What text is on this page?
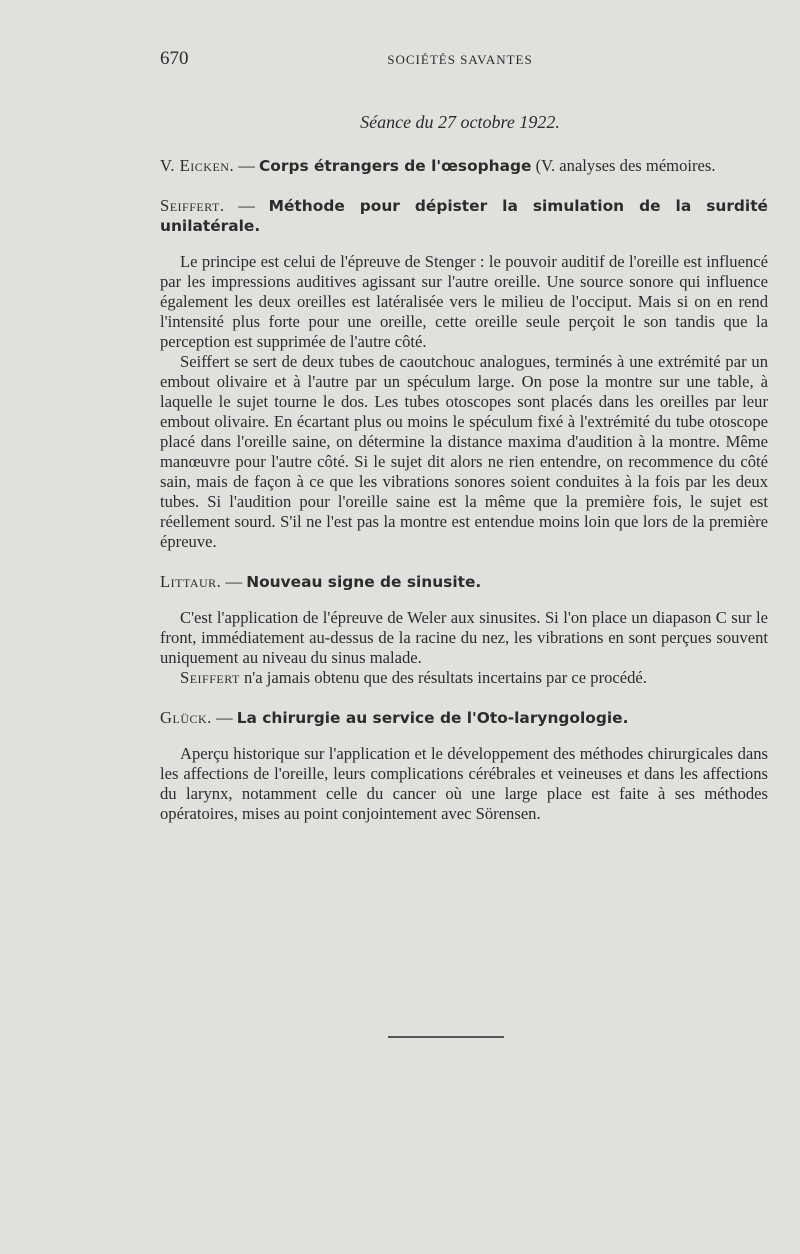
670	SOCIÉTÉS SAVANTES
Séance du 27 octobre 1922.
V. Eicken. — Corps étrangers de l'œsophage (V. analyses des mémoires.
Seiffert. — Méthode pour dépister la simulation de la surdité unilatérale.

Le principe est celui de l'épreuve de Stenger : le pouvoir auditif de l'oreille est influencé par les impressions auditives agissant sur l'autre oreille. Une source sonore qui influence également les deux oreilles est latéralisée vers le milieu de l'occiput. Mais si on en rend l'intensité plus forte pour une oreille, cette oreille seule perçoit le son tandis que la perception est supprimée de l'autre côté.

Seiffert se sert de deux tubes de caoutchouc analogues, terminés à une extrémité par un embout olivaire et à l'autre par un spéculum large. On pose la montre sur une table, à laquelle le sujet tourne le dos. Les tubes otoscopes sont placés dans les oreilles par leur embout olivaire. En écartant plus ou moins le spéculum fixé à l'extrémité du tube otoscope placé dans l'oreille saine, on détermine la distance maxima d'audition à la montre. Même manœuvre pour l'autre côté. Si le sujet dit alors ne rien entendre, on recommence du côté sain, mais de façon à ce que les vibrations sonores soient conduites à la fois par les deux tubes. Si l'audition pour l'oreille saine est la même que la première fois, le sujet est réellement sourd. S'il ne l'est pas la montre est entendue moins loin que lors de la première épreuve.

Littaur. — Nouveau signe de sinusite.

C'est l'application de l'épreuve de Weler aux sinusites. Si l'on place un diapason C sur le front, immédiatement au-dessus de la racine du nez, les vibrations en sont perçues souvent uniquement au niveau du sinus malade.

Seiffert n'a jamais obtenu que des résultats incertains par ce procédé.

Glück. — La chirurgie au service de l'Oto-laryngologie.

Aperçu historique sur l'application et le développement des méthodes chirurgicales dans les affections de l'oreille, leurs complications cérébrales et veineuses et dans les affections du larynx, notamment celle du cancer où une large place est faite à ses méthodes opératoires, mises au point conjointement avec Sörensen.
